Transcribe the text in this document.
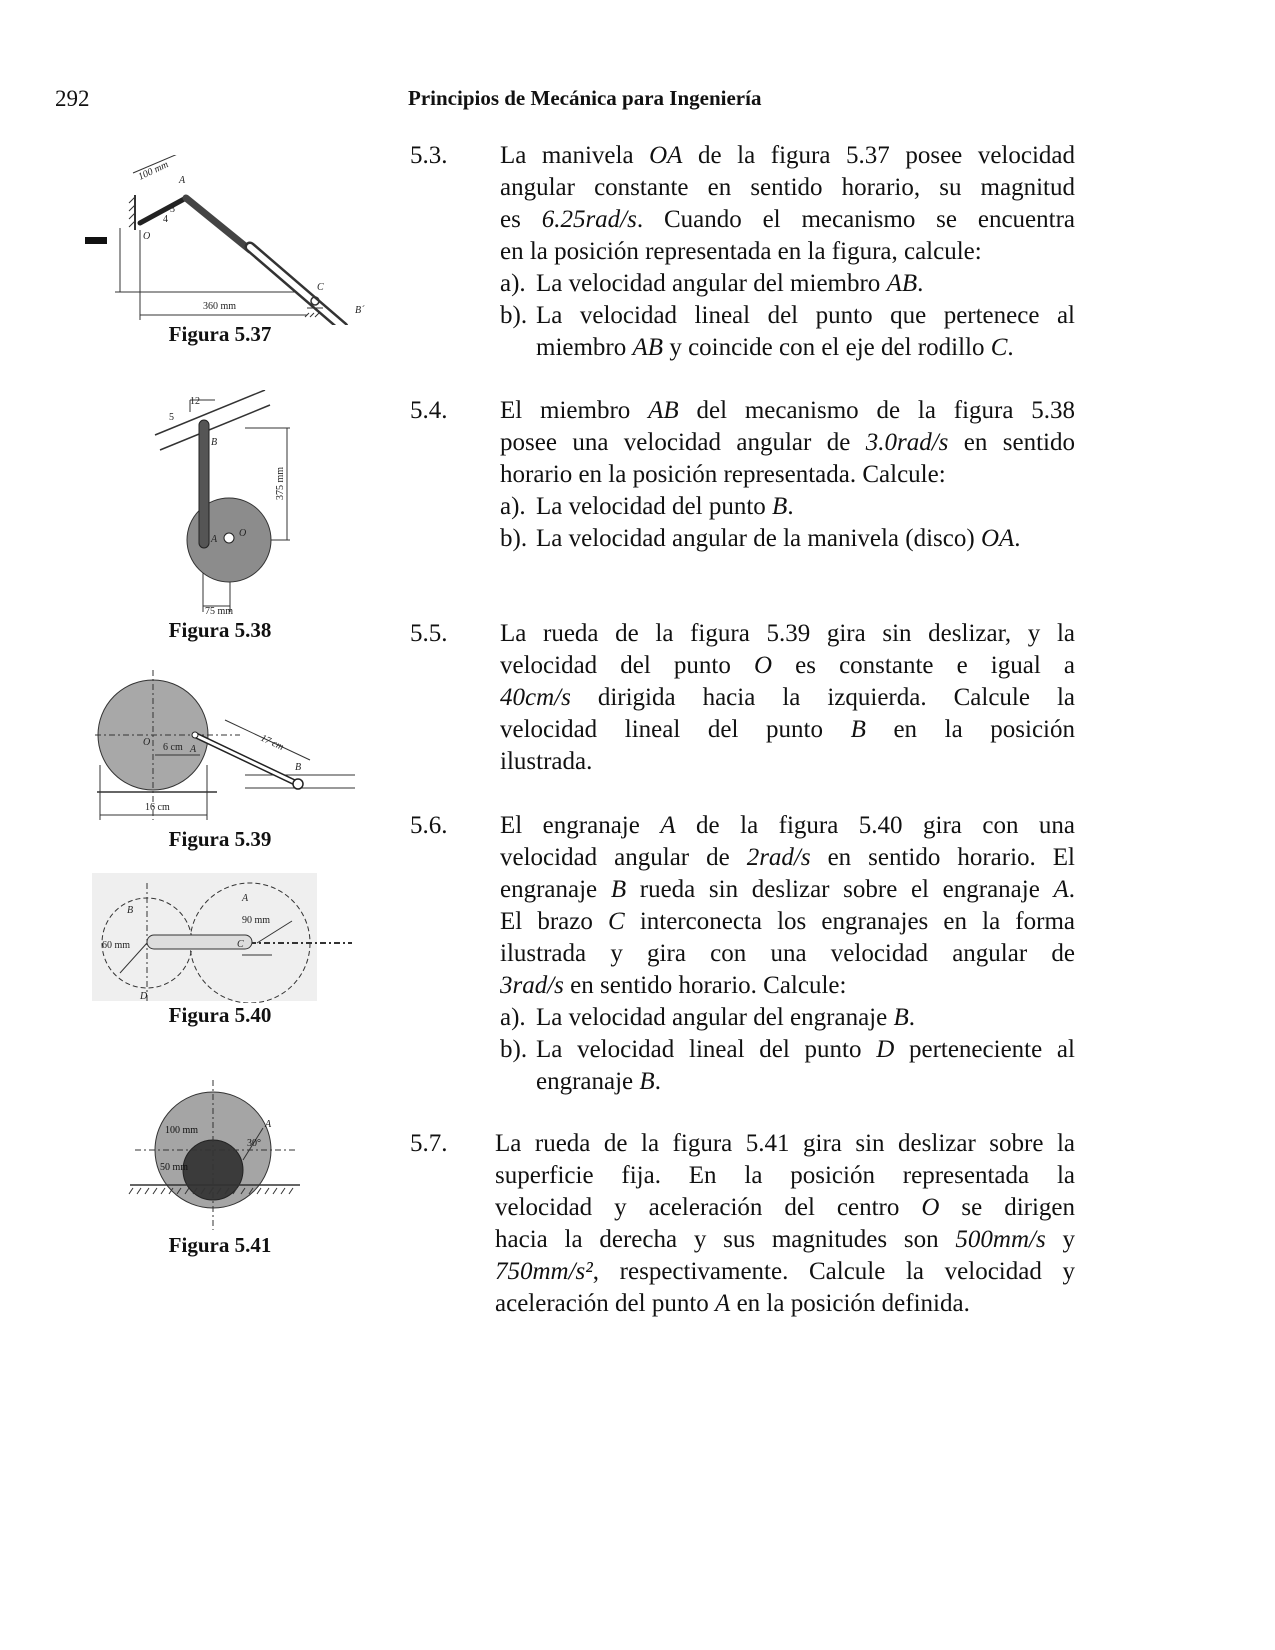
292	Principios de Mecánica para Ingeniería
100 mm A
3
4
O
C
B´
360 mm
Figura 5.37
12
5
B
A
O
375 mm
75 mm
Figura 5.38
6 cm	17 cm
O
A
B
16 cm
Figura 5.39
B
A
90 mm
60 mm	C
D
Figura 5.40
100 mm
50 mm
30°
A
Figura 5.41
5.3. La manivela OA de la figura 5.37 posee velocidad

angular constante en sentido horario, su magnitud

es 6.25rad/s. Cuando el mecanismo se encuentra

en la posición representada en la figura, calcule:

a). La velocidad angular del miembro AB.
b). La velocidad lineal del punto que pertenece al miembro AB y coincide con el eje del rodillo C.
5.4. El miembro AB del mecanismo de la figura 5.38

posee una velocidad angular de 3.0rad/s en sentido

horario en la posición representada. Calcule:

a). La velocidad del punto B.
b). La velocidad angular de la manivela (disco) OA.
5.5. La rueda de la figura 5.39 gira sin deslizar, y la

velocidad del punto O es constante e igual a

40cm/s dirigida hacia la izquierda. Calcule la

velocidad lineal del punto B en la posición

ilustrada.

5.6. El engranaje A de la figura 5.40 gira con una

velocidad angular de 2rad/s en sentido horario. El

engranaje B rueda sin deslizar sobre el engranaje A.

El brazo C interconecta los engranajes en la forma

ilustrada y gira con una velocidad angular de

3rad/s en sentido horario. Calcule:

a). La velocidad angular del engranaje B.
b). La velocidad lineal del punto D perteneciente al engranaje B.
5.7. La rueda de la figura 5.41 gira sin deslizar sobre la

superficie fija. En la posición representada la

velocidad y aceleración del centro O se dirigen

hacia la derecha y sus magnitudes son 500mm/s y

750mm/s², respectivamente. Calcule la velocidad y

aceleración del punto A en la posición definida.
